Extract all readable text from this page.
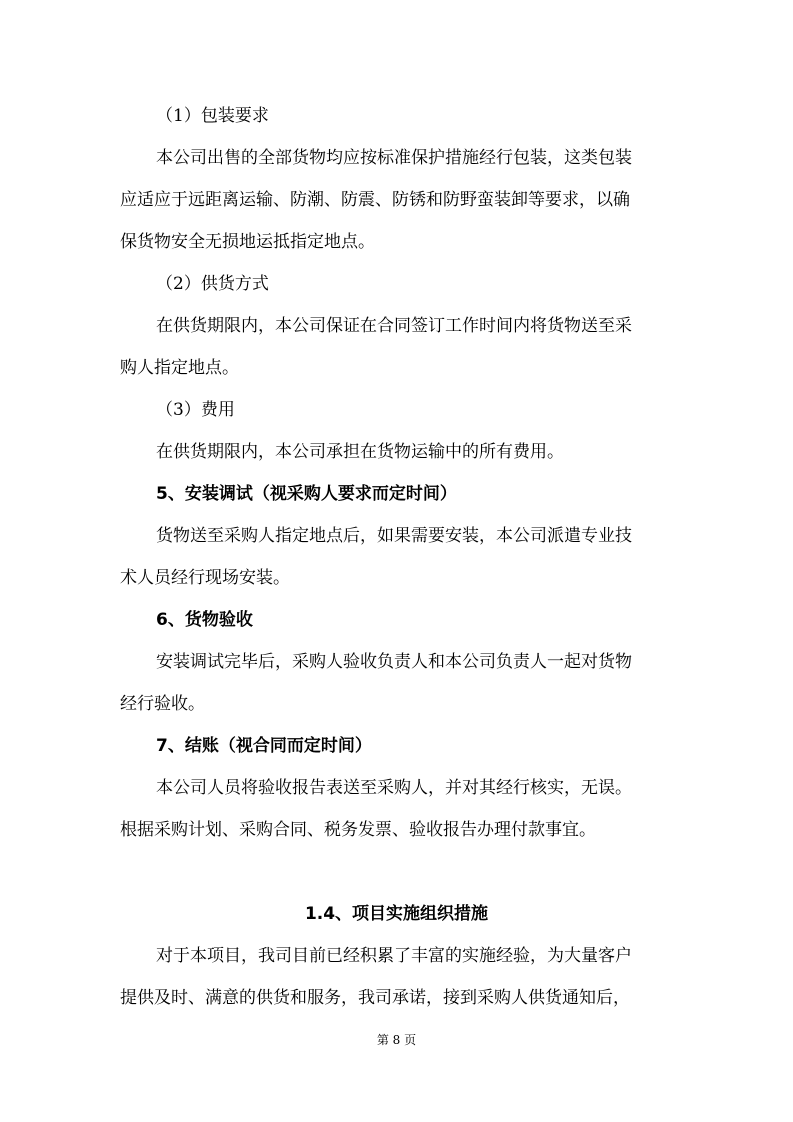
（1）包装要求
本公司出售的全部货物均应按标准保护措施经行包装，这类包装
应适应于远距离运输、防潮、防震、防锈和防野蛮装卸等要求，以确
保货物安全无损地运抵指定地点。
（2）供货方式
在供货期限内，本公司保证在合同签订工作时间内将货物送至采
购人指定地点。
（3）费用
在供货期限内，本公司承担在货物运输中的所有费用。
5、安装调试（视采购人要求而定时间）
货物送至采购人指定地点后，如果需要安装，本公司派遣专业技
术人员经行现场安装。
6、货物验收
安装调试完毕后，采购人验收负责人和本公司负责人一起对货物
经行验收。
7、结账（视合同而定时间）
本公司人员将验收报告表送至采购人，并对其经行核实，无误。
根据采购计划、采购合同、税务发票、验收报告办理付款事宜。
1.4、项目实施组织措施
对于本项目，我司目前已经积累了丰富的实施经验，为大量客户
提供及时、满意的供货和服务，我司承诺，接到采购人供货通知后，
第 8 页
